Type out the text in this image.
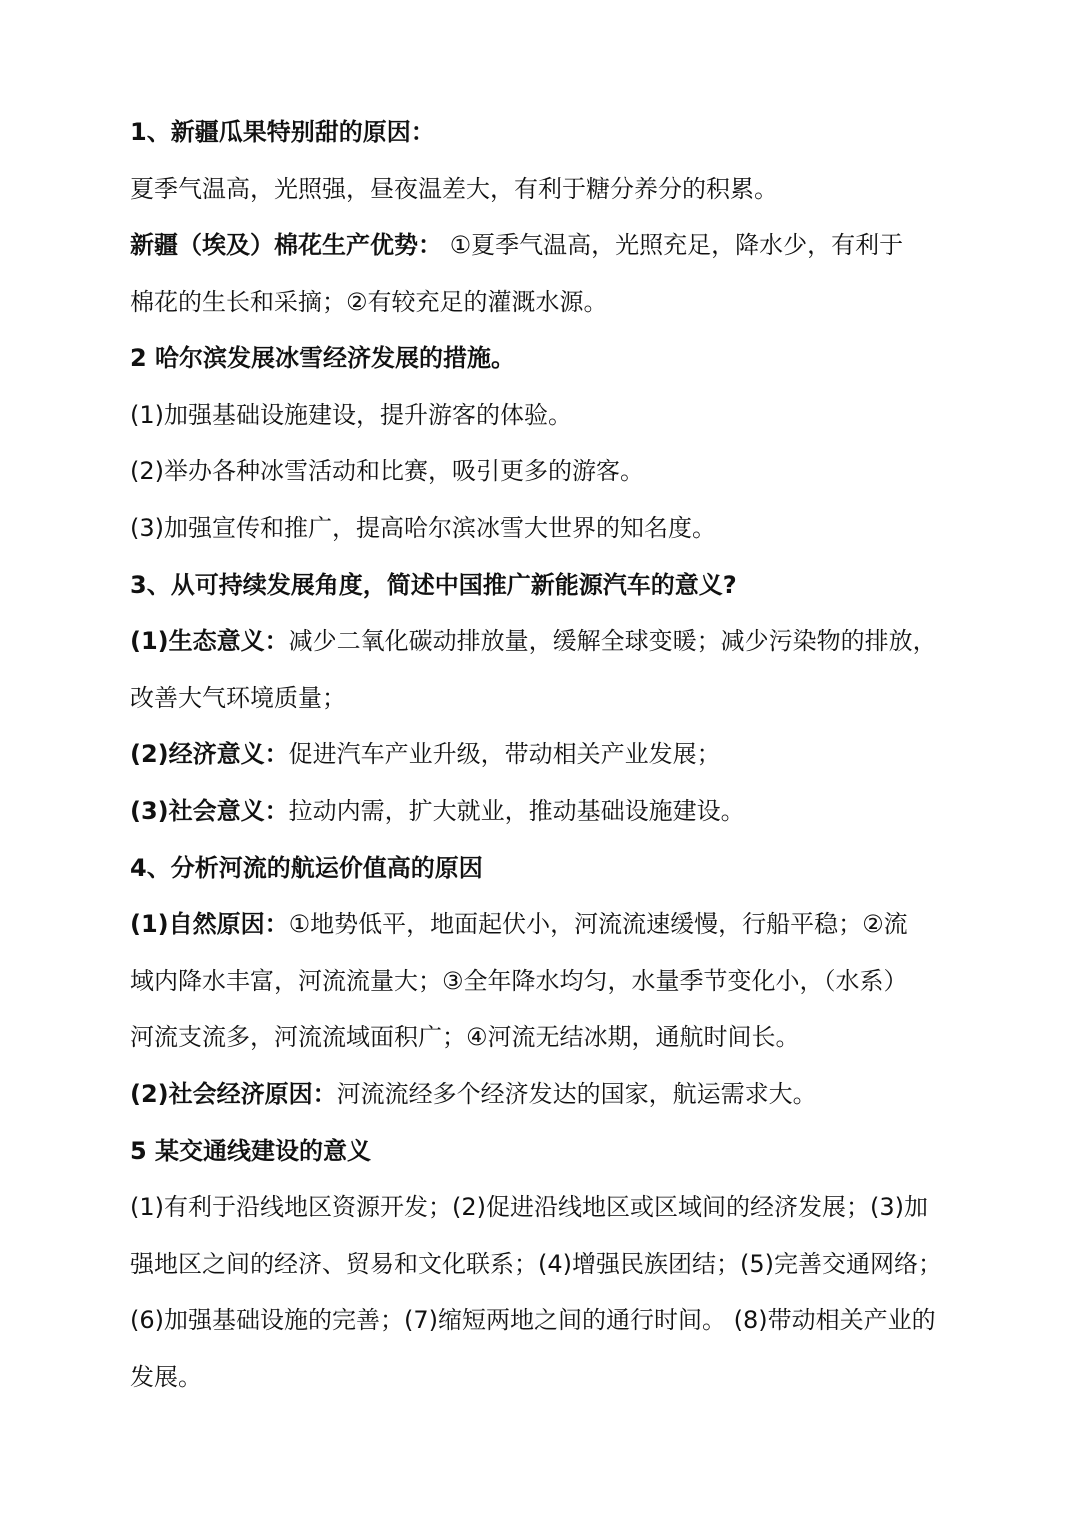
1、新疆瓜果特别甜的原因：
夏季气温高，光照强，昼夜温差大，有利于糖分养分的积累。
新疆（埃及）棉花生产优势： ①夏季气温高，光照充足，降水少，有利于
棉花的生长和采摘；②有较充足的灌溉水源。
2 哈尔滨发展冰雪经济发展的措施。
(1)加强基础设施建设，提升游客的体验。
(2)举办各种冰雪活动和比赛，吸引更多的游客。
(3)加强宣传和推广，提高哈尔滨冰雪大世界的知名度。
3、从可持续发展角度，简述中国推广新能源汽车的意义?
(1)生态意义：减少二氧化碳动排放量，缓解全球变暖；减少污染物的排放，
改善大气环境质量；
(2)经济意义：促进汽车产业升级，带动相关产业发展；
(3)社会意义：拉动内需，扩大就业，推动基础设施建设。
4、分析河流的航运价值高的原因
(1)自然原因：①地势低平，地面起伏小，河流流速缓慢，行船平稳；②流
域内降水丰富，河流流量大；③全年降水均匀，水量季节变化小，（水系）
河流支流多，河流流域面积广；④河流无结冰期，通航时间长。
(2)社会经济原因：河流流经多个经济发达的国家，航运需求大。
5 某交通线建设的意义
(1)有利于沿线地区资源开发；(2)促进沿线地区或区域间的经济发展；(3)加
强地区之间的经济、贸易和文化联系；(4)增强民族团结；(5)完善交通网络；
(6)加强基础设施的完善；(7)缩短两地之间的通行时间。 (8)带动相关产业的
发展。
